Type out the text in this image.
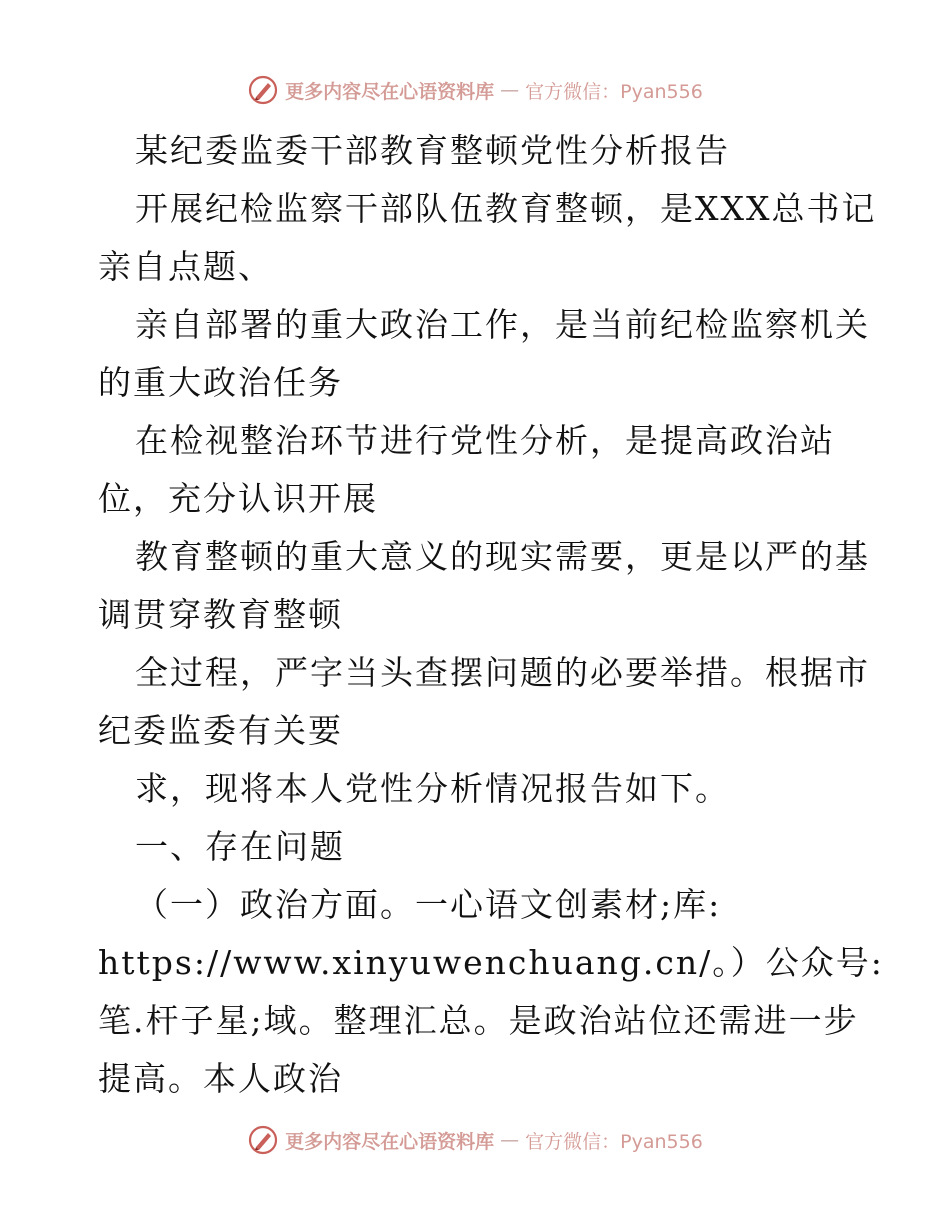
更多内容尽在心语资料库 — 官方微信：Pyan556
某纪委监委干部教育整顿党性分析报告
开展纪检监察干部队伍教育整顿，是XXX总书记
亲自点题、
亲自部署的重大政治工作，是当前纪检监察机关
的重大政治任务
在检视整治环节进行党性分析，是提高政治站
位，充分认识开展
教育整顿的重大意义的现实需要，更是以严的基
调贯穿教育整顿
全过程，严字当头查摆问题的必要举措。根据市
纪委监委有关要
求，现将本人党性分析情况报告如下。
一、存在问题
（一）政治方面。一心语文创素材;库:
https://www.xinyuwenchuang.cn/。）公众号:
笔.杆子星;域。整理汇总。是政治站位还需进一步
提高。本人政治
更多内容尽在心语资料库 — 官方微信：Pyan556
